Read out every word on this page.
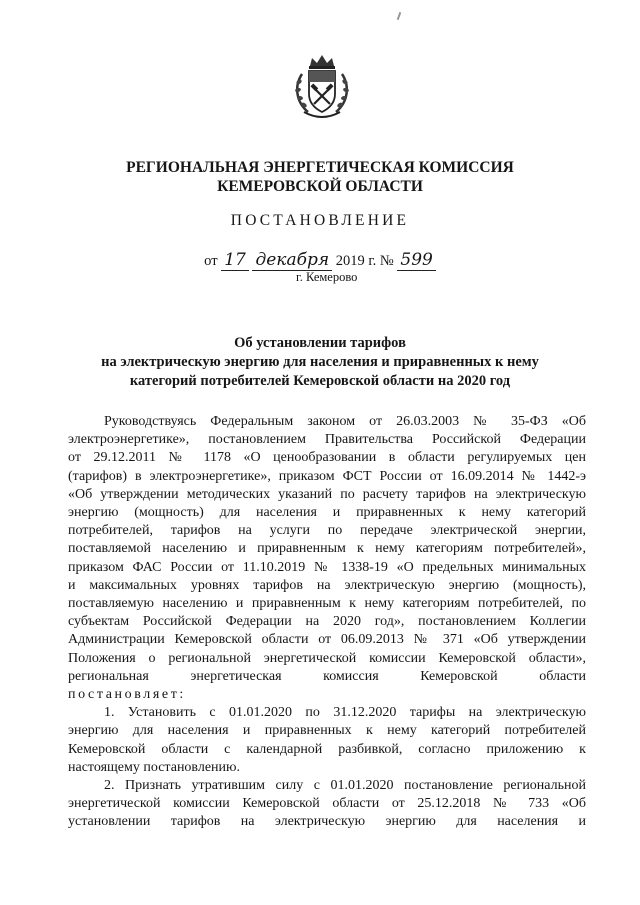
РЕГИОНАЛЬНАЯ ЭНЕРГЕТИЧЕСКАЯ КОМИССИЯ
КЕМЕРОВСКОЙ ОБЛАСТИ
ПОСТАНОВЛЕНИЕ
от 17 декабря 2019 г. № 599
г. Кемерово
Об установлении тарифов
на электрическую энергию для населения и приравненных к нему
категорий потребителей Кемеровской области на 2020 год
Руководствуясь Федеральным законом от 26.03.2003 № 35-ФЗ «Об
электроэнергетике», постановлением Правительства Российской Федерации
от 29.12.2011 № 1178 «О ценообразовании в области регулируемых цен
(тарифов) в электроэнергетике», приказом ФСТ России от 16.09.2014 № 1442-э
«Об утверждении методических указаний по расчету тарифов на электрическую
энергию (мощность) для населения и приравненных к нему категорий
потребителей, тарифов на услуги по передаче электрической энергии,
поставляемой населению и приравненным к нему категориям потребителей»,
приказом ФАС России от 11.10.2019 № 1338-19 «О предельных минимальных
и максимальных уровнях тарифов на электрическую энергию (мощность),
поставляемую населению и приравненным к нему категориям потребителей, по
субъектам Российской Федерации на 2020 год», постановлением Коллегии
Администрации Кемеровской области от 06.09.2013 № 371 «Об утверждении
Положения о региональной энергетической комиссии Кемеровской области»,
региональная энергетическая комиссия Кемеровской области
постановляет:
1. Установить с 01.01.2020 по 31.12.2020 тарифы на электрическую
энергию для населения и приравненных к нему категорий потребителей
Кемеровской области с календарной разбивкой, согласно приложению к
настоящему постановлению.
2. Признать утратившим силу с 01.01.2020 постановление региональной
энергетической комиссии Кемеровской области от 25.12.2018 № 733 «Об
установлении тарифов на электрическую энергию для населения и
